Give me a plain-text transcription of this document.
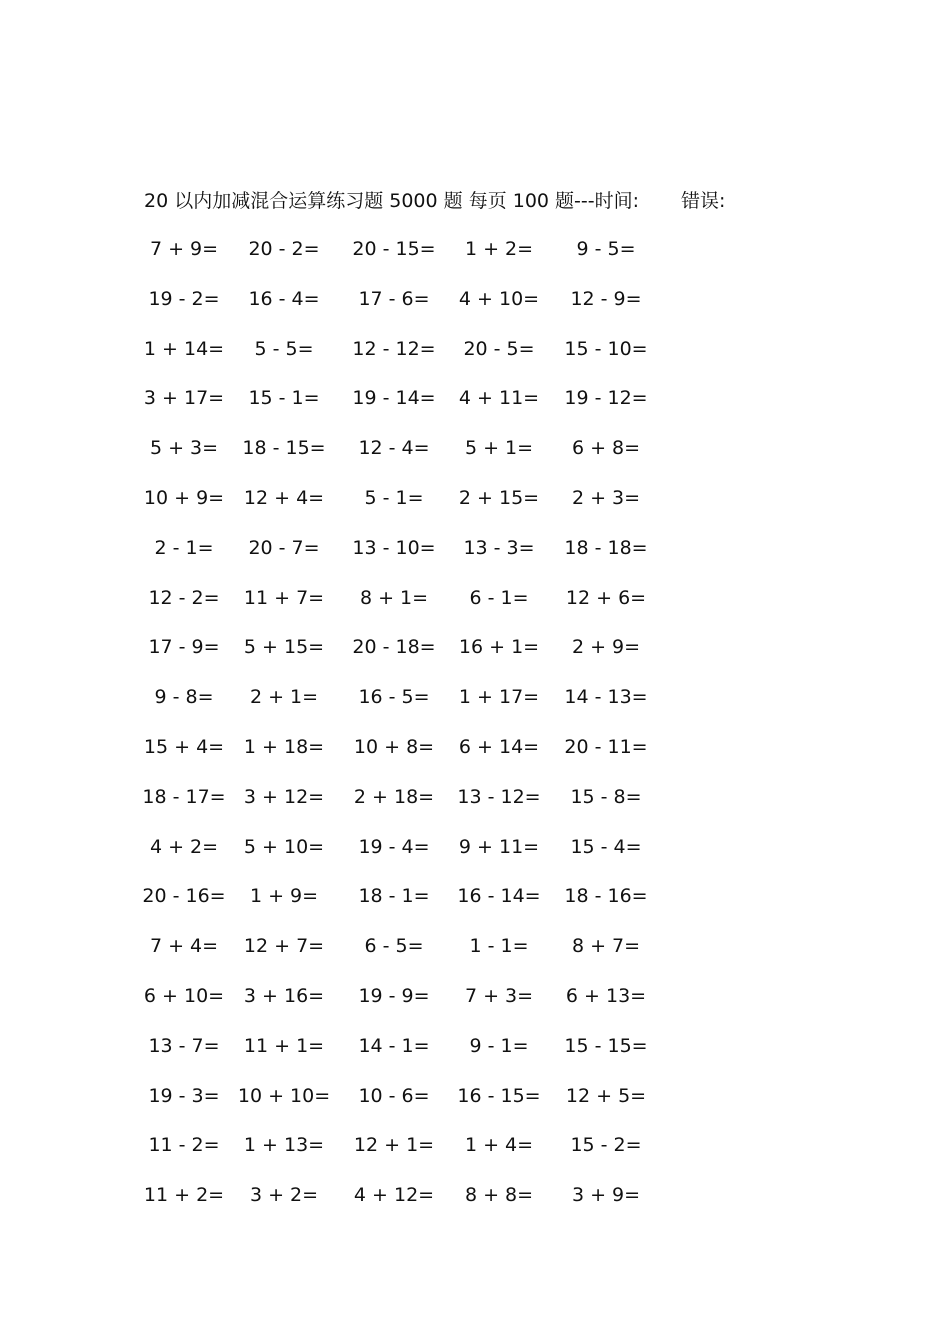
20 以内加减混合运算练习题 5000 题 每页 100 题---时间: 错误:
7 + 9= 20 - 2= 20 - 15= 1 + 2= 9 - 5=
19 - 2= 16 - 4= 17 - 6= 4 + 10= 12 - 9=
1 + 14= 5 - 5= 12 - 12= 20 - 5= 15 - 10=
3 + 17= 15 - 1= 19 - 14= 4 + 11= 19 - 12=
5 + 3= 18 - 15= 12 - 4= 5 + 1= 6 + 8=
10 + 9= 12 + 4= 5 - 1= 2 + 15= 2 + 3=
2 - 1= 20 - 7= 13 - 10= 13 - 3= 18 - 18=
12 - 2= 11 + 7= 8 + 1= 6 - 1= 12 + 6=
17 - 9= 5 + 15= 20 - 18= 16 + 1= 2 + 9=
9 - 8= 2 + 1= 16 - 5= 1 + 17= 14 - 13=
15 + 4= 1 + 18= 10 + 8= 6 + 14= 20 - 11=
18 - 17= 3 + 12= 2 + 18= 13 - 12= 15 - 8=
4 + 2= 5 + 10= 19 - 4= 9 + 11= 15 - 4=
20 - 16= 1 + 9= 18 - 1= 16 - 14= 18 - 16=
7 + 4= 12 + 7= 6 - 5= 1 - 1= 8 + 7=
6 + 10= 3 + 16= 19 - 9= 7 + 3= 6 + 13=
13 - 7= 11 + 1= 14 - 1= 9 - 1= 15 - 15=
19 - 3= 10 + 10= 10 - 6= 16 - 15= 12 + 5=
11 - 2= 1 + 13= 12 + 1= 1 + 4= 15 - 2=
11 + 2= 3 + 2= 4 + 12= 8 + 8= 3 + 9=
